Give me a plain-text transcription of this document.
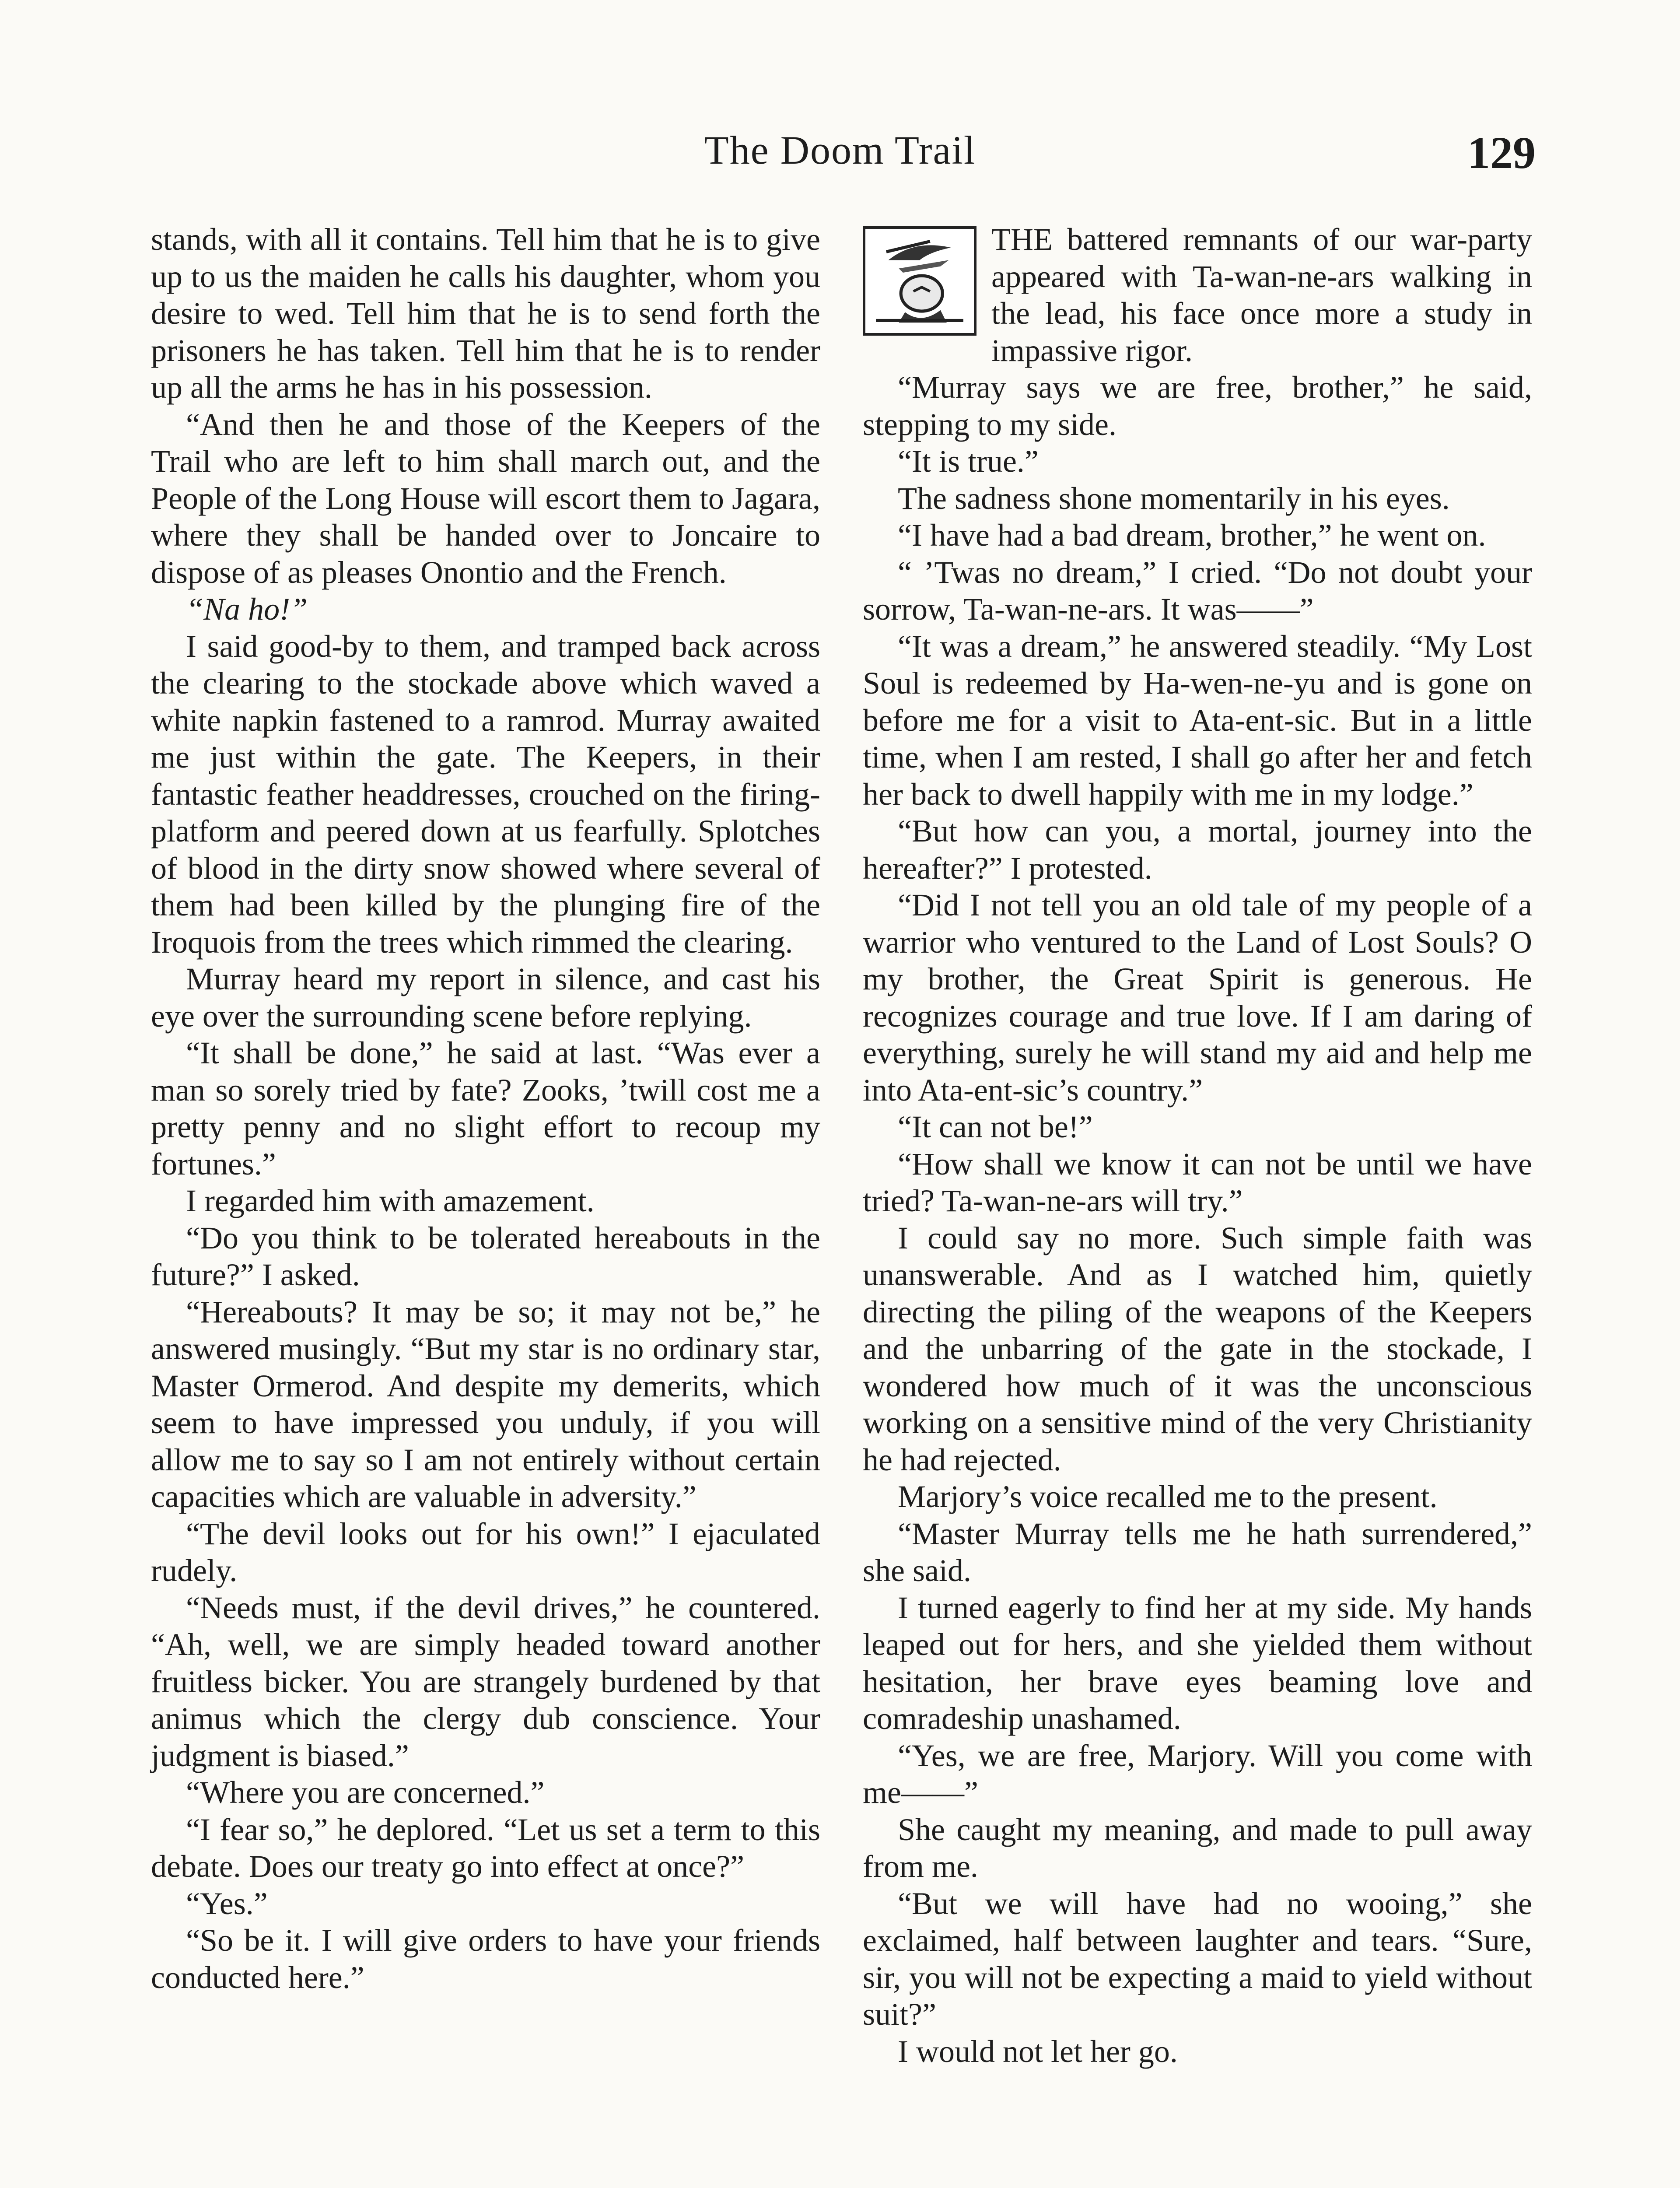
The Doom Trail	129

stands, with all it contains. Tell him that he is to give up to us the maiden he calls his daughter, whom you desire to wed. Tell him that he is to send forth the prisoners he has taken. Tell him that he is to render up all the arms he has in his possession.

“And then he and those of the Keepers of the Trail who are left to him shall march out, and the People of the Long House will escort them to Jagara, where they shall be handed over to Joncaire to dispose of as pleases Onontio and the French.

“Na ho!”

I said good-by to them, and tramped back across the clearing to the stockade above which waved a white napkin fastened to a ramrod. Murray awaited me just within the gate. The Keepers, in their fantastic feather headdresses, crouched on the firing-platform and peered down at us fearfully. Splotches of blood in the dirty snow showed where several of them had been killed by the plunging fire of the Iroquois from the trees which rimmed the clearing.

Murray heard my report in silence, and cast his eye over the surrounding scene before replying.

“It shall be done,” he said at last. “Was ever a man so sorely tried by fate? Zooks, ’twill cost me a pretty penny and no slight effort to recoup my fortunes.”

I regarded him with amazement.

“Do you think to be tolerated hereabouts in the future?” I asked.

“Hereabouts? It may be so; it may not be,” he answered musingly. “But my star is no ordinary star, Master Ormerod. And despite my demerits, which seem to have impressed you unduly, if you will allow me to say so I am not entirely without certain capacities which are valuable in adversity.”

“The devil looks out for his own!” I ejaculated rudely.

“Needs must, if the devil drives,” he countered. “Ah, well, we are simply headed toward another fruitless bicker. You are strangely burdened by that animus which the clergy dub conscience. Your judgment is biased.”

“Where you are concerned.”

“I fear so,” he deplored. “Let us set a term to this debate. Does our treaty go into effect at once?”

“Yes.”

“So be it. I will give orders to have your friends conducted here.”

THE battered remnants of our war-party appeared with Ta-wan-ne-ars walking in the lead, his face once more a study in impassive rigor.

“Murray says we are free, brother,” he said, stepping to my side.

“It is true.”

The sadness shone momentarily in his eyes.

“I have had a bad dream, brother,” he went on.

“ ’Twas no dream,” I cried. “Do not doubt your sorrow, Ta-wan-ne-ars. It was——”

“It was a dream,” he answered steadily. “My Lost Soul is redeemed by Ha-wen-ne-yu and is gone on before me for a visit to Ata-ent-sic. But in a little time, when I am rested, I shall go after her and fetch her back to dwell happily with me in my lodge.”

“But how can you, a mortal, journey into the hereafter?” I protested.

“Did I not tell you an old tale of my people of a warrior who ventured to the Land of Lost Souls? O my brother, the Great Spirit is generous. He recognizes courage and true love. If I am daring of everything, surely he will stand my aid and help me into Ata-ent-sic’s country.”

“It can not be!”

“How shall we know it can not be until we have tried? Ta-wan-ne-ars will try.”

I could say no more. Such simple faith was unanswerable. And as I watched him, quietly directing the piling of the weapons of the Keepers and the unbarring of the gate in the stockade, I wondered how much of it was the unconscious working on a sensitive mind of the very Christianity he had rejected.

Marjory’s voice recalled me to the present.

“Master Murray tells me he hath surrendered,” she said.

I turned eagerly to find her at my side. My hands leaped out for hers, and she yielded them without hesitation, her brave eyes beaming love and comradeship unashamed.

“Yes, we are free, Marjory. Will you come with me——”

She caught my meaning, and made to pull away from me.

“But we will have had no wooing,” she exclaimed, half between laughter and tears. “Sure, sir, you will not be expecting a maid to yield without suit?”

I would not let her go.
